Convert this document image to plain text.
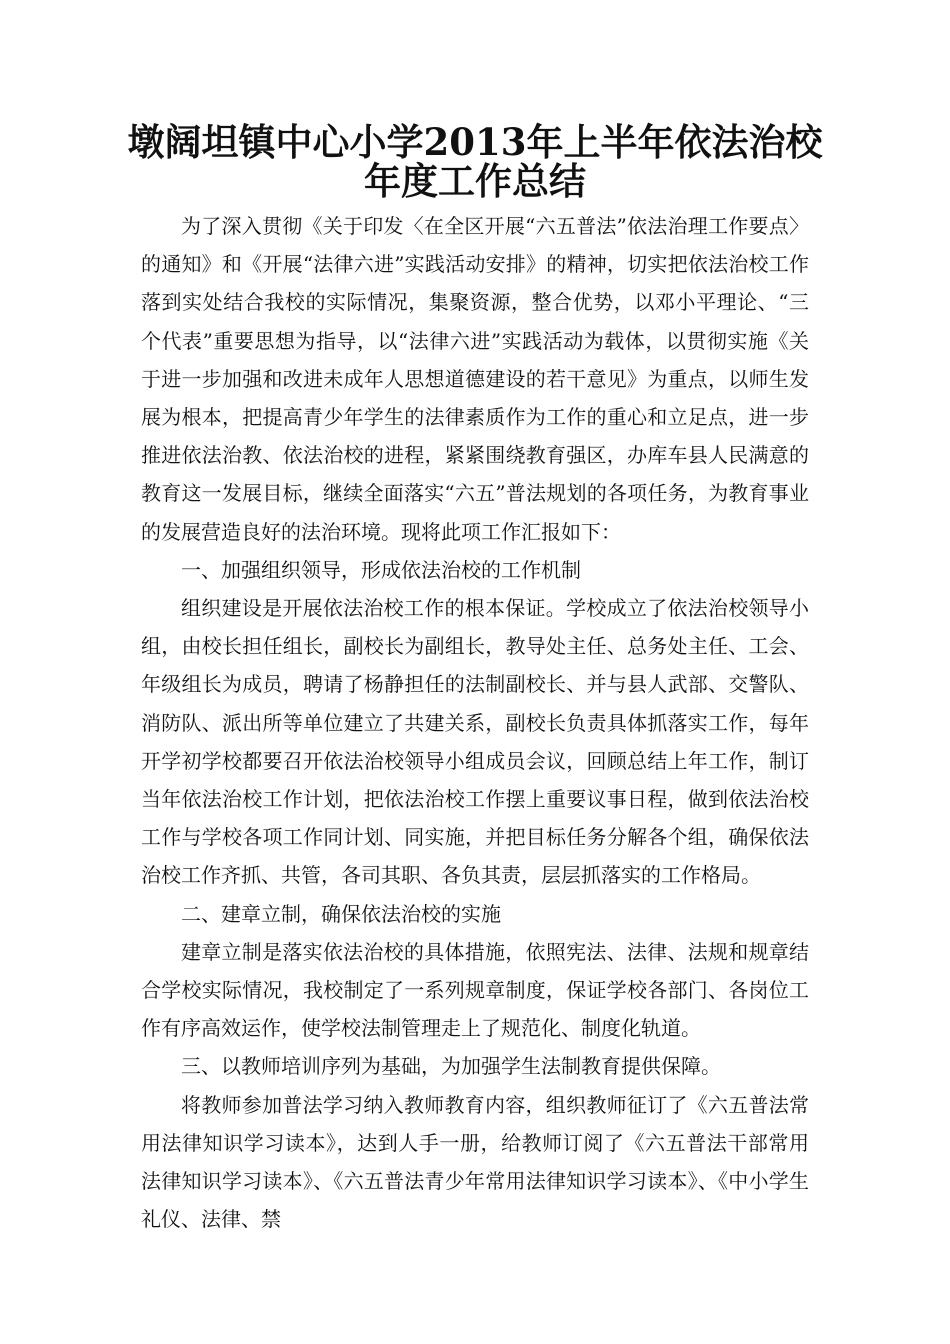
墩阔坦镇中心小学2013年上半年依法治校
年度工作总结

为了深入贯彻《关于印发〈在全区开展“六五普法”依法治理工作要点〉的通知》和《开展“法律六进”实践活动安排》的精神，切实把依法治校工作落到实处结合我校的实际情况，集聚资源，整合优势，以邓小平理论、“三个代表”重要思想为指导，以“法律六进”实践活动为载体，以贯彻实施《关于进一步加强和改进未成年人思想道德建设的若干意见》为重点，以师生发展为根本，把提高青少年学生的法律素质作为工作的重心和立足点，进一步推进依法治教、依法治校的进程，紧紧围绕教育强区，办库车县人民满意的教育这一发展目标，继续全面落实“六五”普法规划的各项任务，为教育事业的发展营造良好的法治环境。现将此项工作汇报如下：

一、加强组织领导，形成依法治校的工作机制

组织建设是开展依法治校工作的根本保证。学校成立了依法治校领导小组，由校长担任组长，副校长为副组长，教导处主任、总务处主任、工会、年级组长为成员，聘请了杨静担任的法制副校长、并与县人武部、交警队、消防队、派出所等单位建立了共建关系，副校长负责具体抓落实工作，每年开学初学校都要召开依法治校领导小组成员会议，回顾总结上年工作，制订当年依法治校工作计划，把依法治校工作摆上重要议事日程，做到依法治校工作与学校各项工作同计划、同实施，并把目标任务分解各个组，确保依法治校工作齐抓、共管，各司其职、各负其责，层层抓落实的工作格局。

二、建章立制，确保依法治校的实施

建章立制是落实依法治校的具体措施，依照宪法、法律、法规和规章结合学校实际情况，我校制定了一系列规章制度，保证学校各部门、各岗位工作有序高效运作，使学校法制管理走上了规范化、制度化轨道。

三、以教师培训序列为基础，为加强学生法制教育提供保障。

将教师参加普法学习纳入教师教育内容，组织教师征订了《六五普法常用法律知识学习读本》，达到人手一册，给教师订阅了《六五普法干部常用法律知识学习读本》、《六五普法青少年常用法律知识学习读本》、《中小学生礼仪、法律、禁
